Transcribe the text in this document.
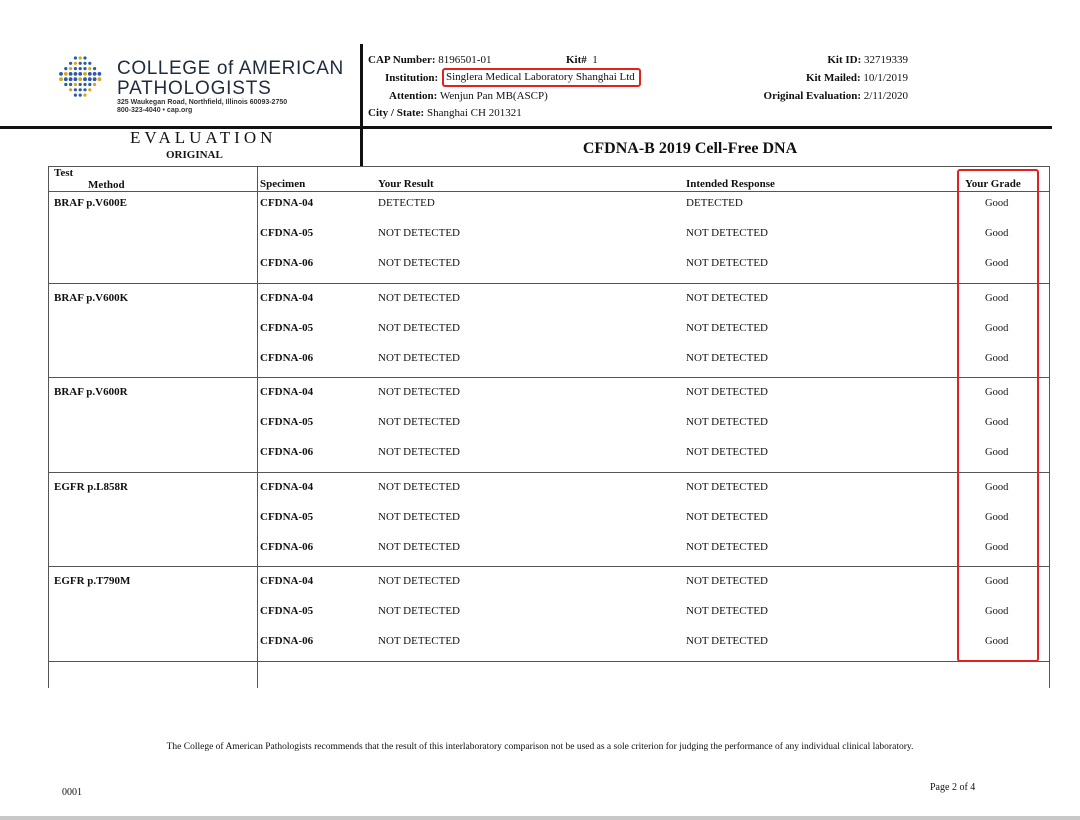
COLLEGE of AMERICAN
PATHOLOGISTS
325 Waukegan Road, Northfield, Illinois 60093-2750
800-323-4040 • cap.org
CAP Number: 8196501-01	Kit# 1
Institution: Singlera Medical Laboratory Shanghai Ltd
Attention: Wenjun Pan MB(ASCP)
City / State: Shanghai CH 201321
Kit ID: 32719339
Kit Mailed: 10/1/2019
Original Evaluation: 2/11/2020
EVALUATION
ORIGINAL	CFDNA-B 2019 Cell-Free DNA
Test
Method	Specimen	Your Result	Intended Response	Your Grade
BRAF p.V600E	CFDNA-04	DETECTED	DETECTED	Good
CFDNA-05	NOT DETECTED	NOT DETECTED	Good
CFDNA-06	NOT DETECTED	NOT DETECTED	Good
BRAF p.V600K	CFDNA-04	NOT DETECTED	NOT DETECTED	Good
CFDNA-05	NOT DETECTED	NOT DETECTED	Good
CFDNA-06	NOT DETECTED	NOT DETECTED	Good
BRAF p.V600R	CFDNA-04	NOT DETECTED	NOT DETECTED	Good
CFDNA-05	NOT DETECTED	NOT DETECTED	Good
CFDNA-06	NOT DETECTED	NOT DETECTED	Good
EGFR p.L858R	CFDNA-04	NOT DETECTED	NOT DETECTED	Good
CFDNA-05	NOT DETECTED	NOT DETECTED	Good
CFDNA-06	NOT DETECTED	NOT DETECTED	Good
EGFR p.T790M	CFDNA-04	NOT DETECTED	NOT DETECTED	Good
CFDNA-05	NOT DETECTED	NOT DETECTED	Good
CFDNA-06	NOT DETECTED	NOT DETECTED	Good
The College of American Pathologists recommends that the result of this interlaboratory comparison not be used as a sole criterion for judging the performance of any individual clinical laboratory.
0001	Page 2 of 4
